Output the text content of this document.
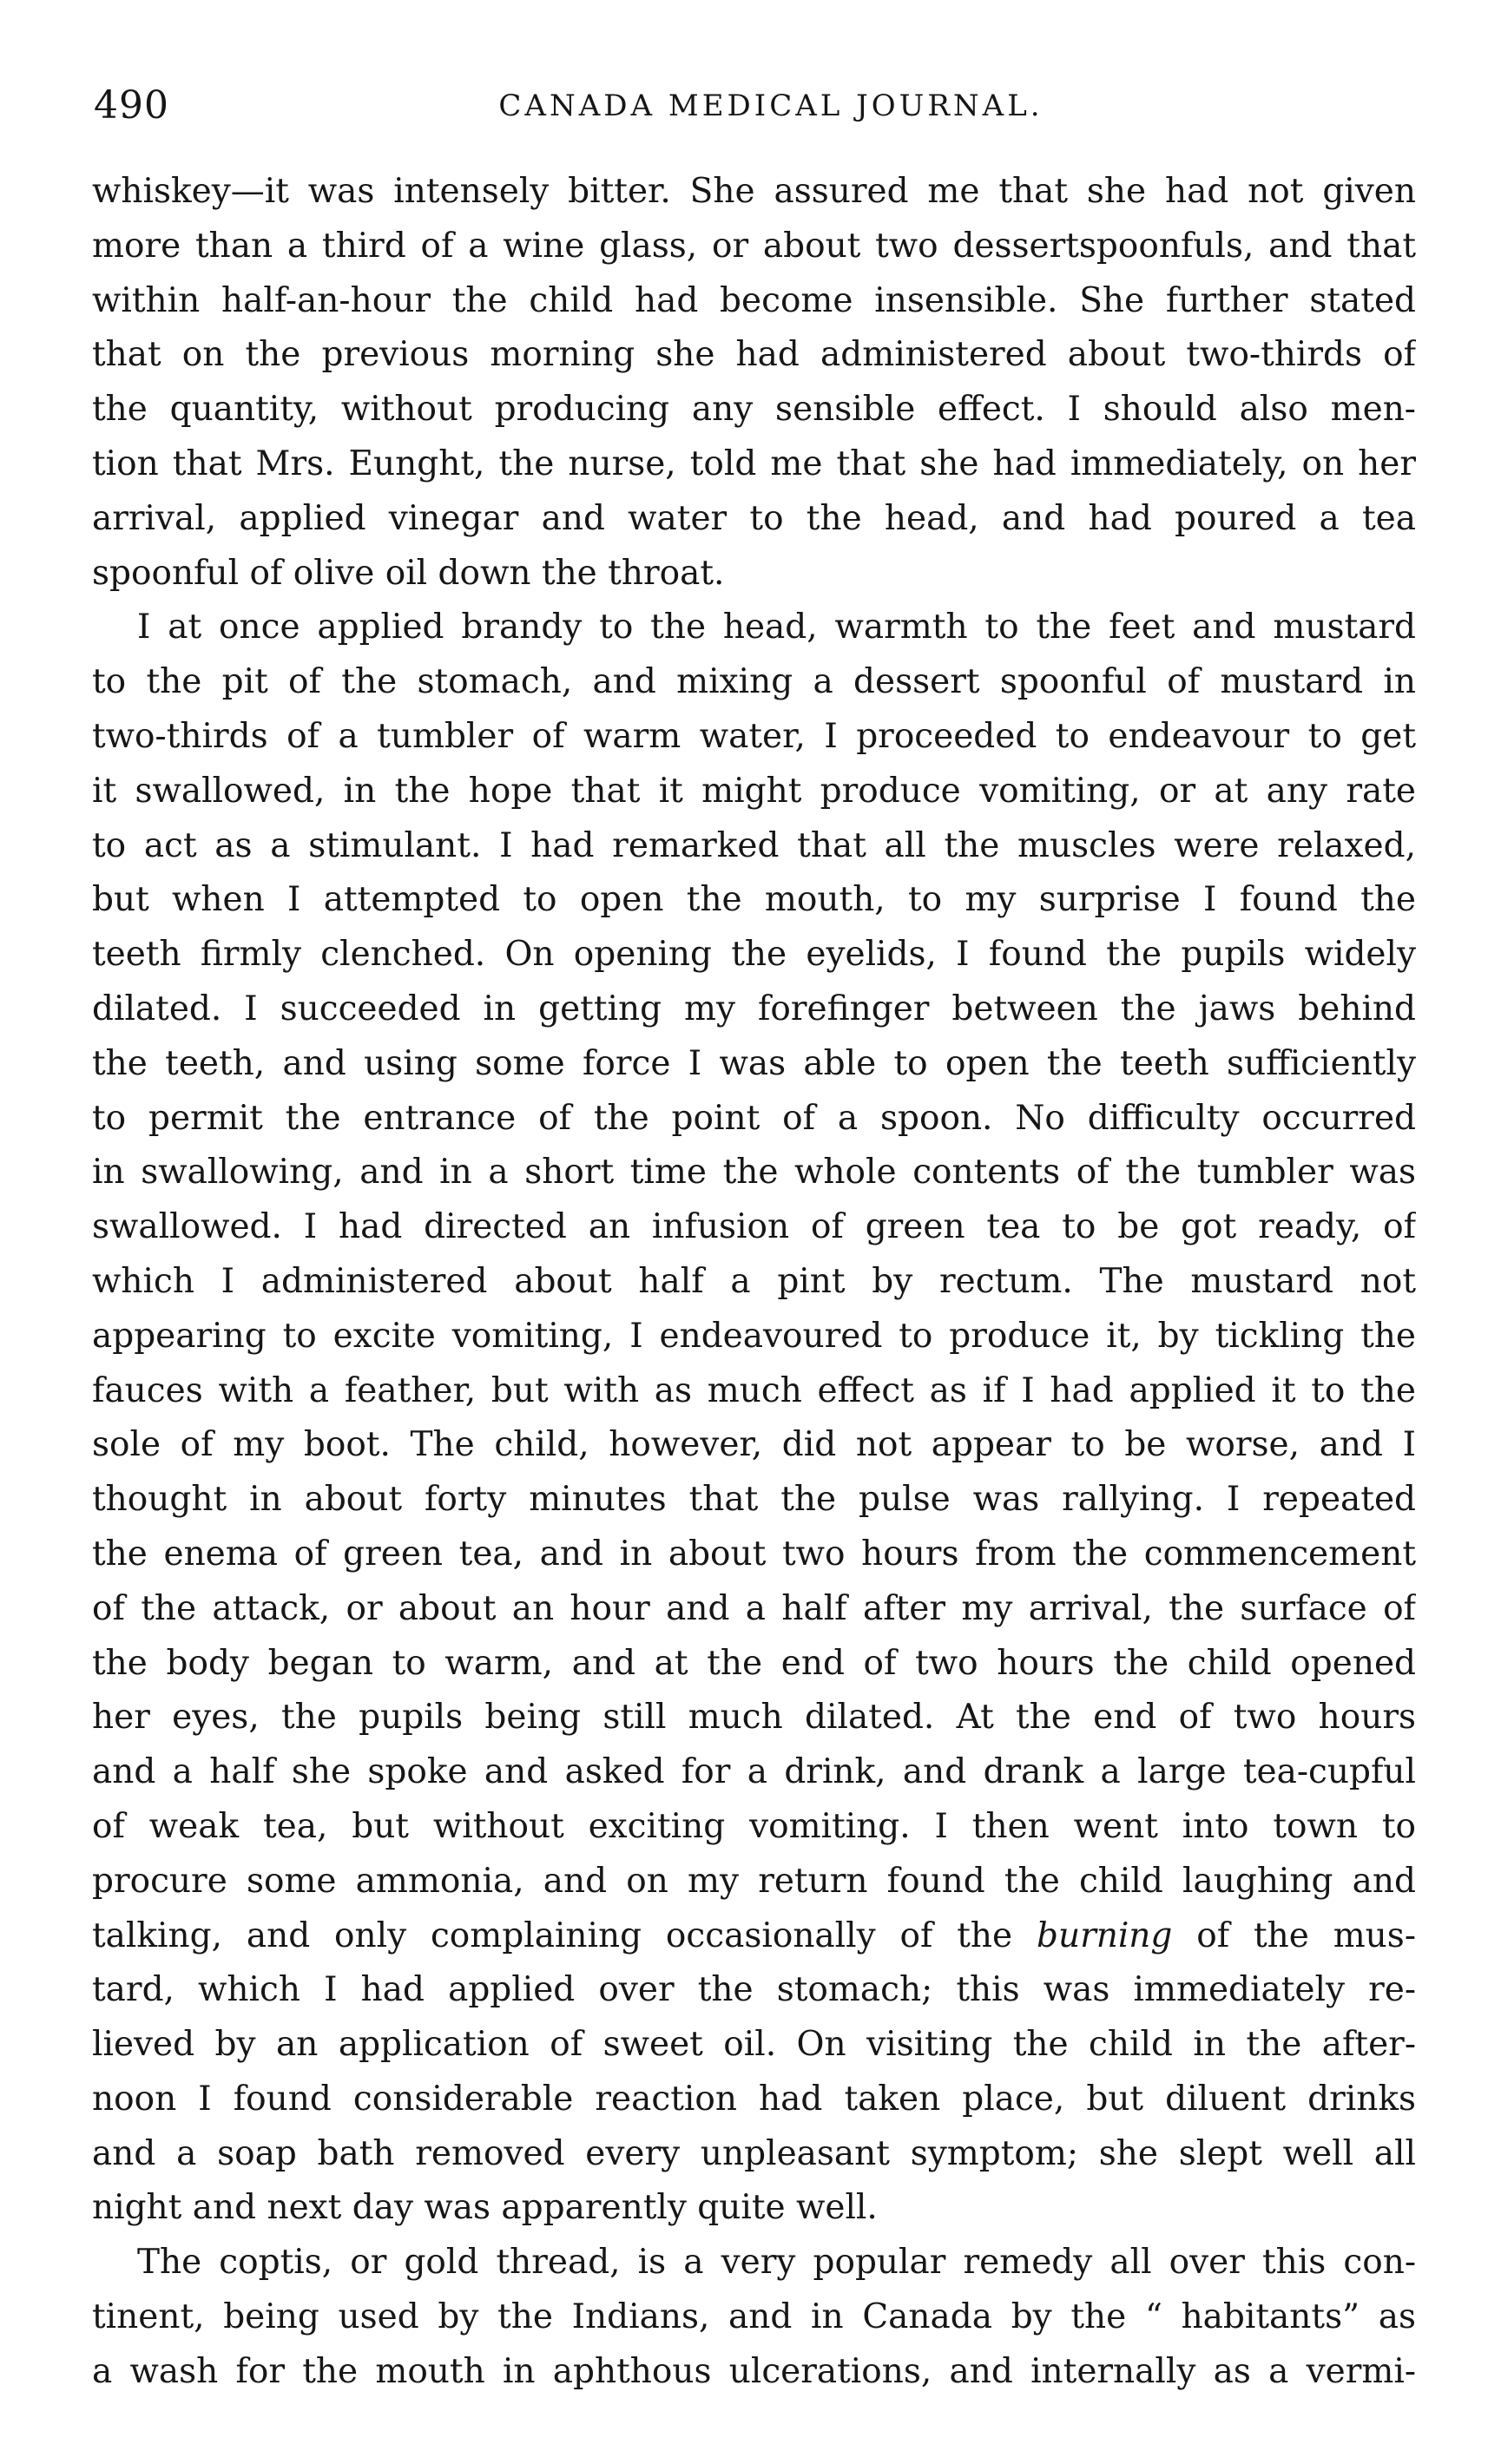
490	CANADA MEDICAL JOURNAL.
whiskey—it was intensely bitter. She assured me that she had not given
more than a third of a wine glass, or about two dessertspoonfuls, and that
within half-an-hour the child had become insensible. She further stated
that on the previous morning she had administered about two-thirds of
the quantity, without producing any sensible effect. I should also men-
tion that Mrs. Eunght, the nurse, told me that she had immediately, on her
arrival, applied vinegar and water to the head, and had poured a tea
spoonful of olive oil down the throat.
I at once applied brandy to the head, warmth to the feet and mustard
to the pit of the stomach, and mixing a dessert spoonful of mustard in
two-thirds of a tumbler of warm water, I proceeded to endeavour to get
it swallowed, in the hope that it might produce vomiting, or at any rate
to act as a stimulant. I had remarked that all the muscles were relaxed,
but when I attempted to open the mouth, to my surprise I found the
teeth firmly clenched. On opening the eyelids, I found the pupils widely
dilated. I succeeded in getting my forefinger between the jaws behind
the teeth, and using some force I was able to open the teeth sufficiently
to permit the entrance of the point of a spoon. No difficulty occurred
in swallowing, and in a short time the whole contents of the tumbler was
swallowed. I had directed an infusion of green tea to be got ready, of
which I administered about half a pint by rectum. The mustard not
appearing to excite vomiting, I endeavoured to produce it, by tickling the
fauces with a feather, but with as much effect as if I had applied it to the
sole of my boot. The child, however, did not appear to be worse, and I
thought in about forty minutes that the pulse was rallying. I repeated
the enema of green tea, and in about two hours from the commencement
of the attack, or about an hour and a half after my arrival, the surface of
the body began to warm, and at the end of two hours the child opened
her eyes, the pupils being still much dilated. At the end of two hours
and a half she spoke and asked for a drink, and drank a large tea-cupful
of weak tea, but without exciting vomiting. I then went into town to
procure some ammonia, and on my return found the child laughing and
talking, and only complaining occasionally of the burning of the mus-
tard, which I had applied over the stomach; this was immediately re-
lieved by an application of sweet oil. On visiting the child in the after-
noon I found considerable reaction had taken place, but diluent drinks
and a soap bath removed every unpleasant symptom; she slept well all
night and next day was apparently quite well.
The coptis, or gold thread, is a very popular remedy all over this con-
tinent, being used by the Indians, and in Canada by the “ habitants” as
a wash for the mouth in aphthous ulcerations, and internally as a vermi-
